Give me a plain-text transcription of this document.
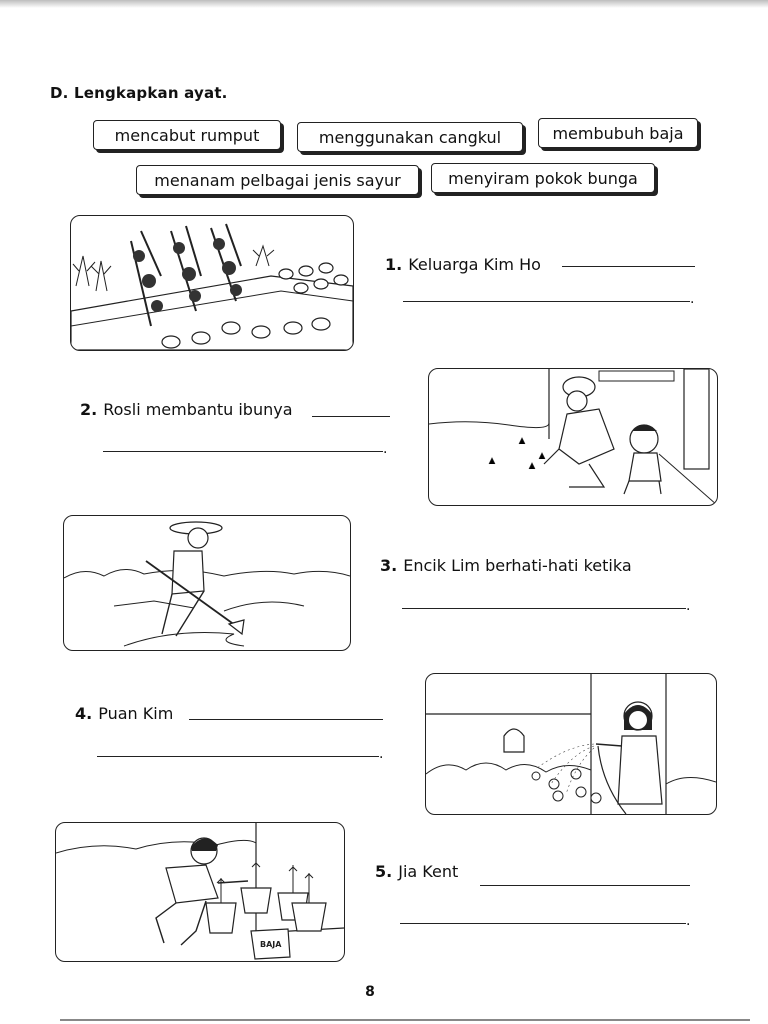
D. Lengkapkan ayat.
mencabut rumput	menggunakan cangkul	membubuh baja
menanam pelbagai jenis sayur	menyiram pokok bunga
1. Keluarga Kim Ho
.
2. Rosli membantu ibunya
.
3. Encik Lim berhati-hati ketika
.
4. Puan Kim
.
BAJA
5. Jia Kent
.
8
